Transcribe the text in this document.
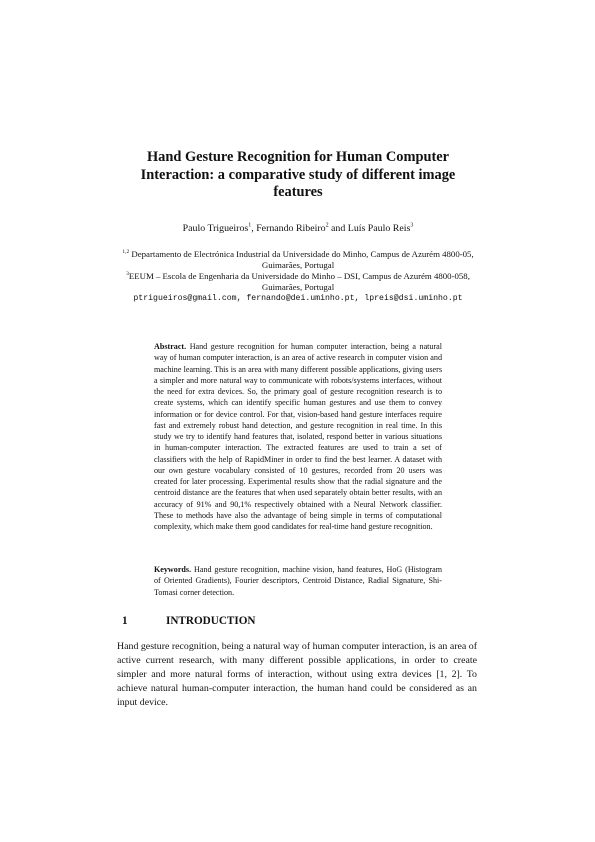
Hand Gesture Recognition for Human Computer Interaction: a comparative study of different image features
Paulo Trigueiros$^1$, Fernando Ribeiro$^2$ and Luís Paulo Reis$^3$
$^{1,2}$ Departamento de Electrónica Industrial da Universidade do Minho, Campus de Azurém 4800-05, Guimarães, Portugal
$^3$EEUM – Escola de Engenharia da Universidade do Minho – DSI, Campus de Azurém 4800-058, Guimarães, Portugal
ptrigueiros@gmail.com, fernando@dei.uminho.pt, lpreis@dsi.uminho.pt

Abstract. Hand gesture recognition for human computer interaction, being a natural way of human computer interaction, is an area of active research in computer vision and machine learning. This is an area with many different possible applications, giving users a simpler and more natural way to communicate with robots/systems interfaces, without the need for extra devices. So, the primary goal of gesture recognition research is to create systems, which can identify specific human gestures and use them to convey information or for device control. For that, vision-based hand gesture interfaces require fast and extremely robust hand detection, and gesture recognition in real time. In this study we try to identify hand features that, isolated, respond better in various situations in human-computer interaction. The extracted features are used to train a set of classifiers with the help of RapidMiner in order to find the best learner. A dataset with our own gesture vocabulary consisted of 10 gestures, recorded from 20 users was created for later processing. Experimental results show that the radial signature and the centroid distance are the features that when used separately obtain better results, with an accuracy of 91% and 90,1% respectively obtained with a Neural Network classifier. These to methods have also the advantage of being simple in terms of computational complexity, which make them good candidates for real-time hand gesture recognition.

Keywords. Hand gesture recognition, machine vision, hand features, HoG (Histogram of Oriented Gradients), Fourier descriptors, Centroid Distance, Radial Signature, Shi-Tomasi corner detection.

1	INTRODUCTION

Hand gesture recognition, being a natural way of human computer interaction, is an area of active current research, with many different possible applications, in order to create simpler and more natural forms of interaction, without using extra devices [1, 2]. To achieve natural human-computer interaction, the human hand could be considered as an input device.
